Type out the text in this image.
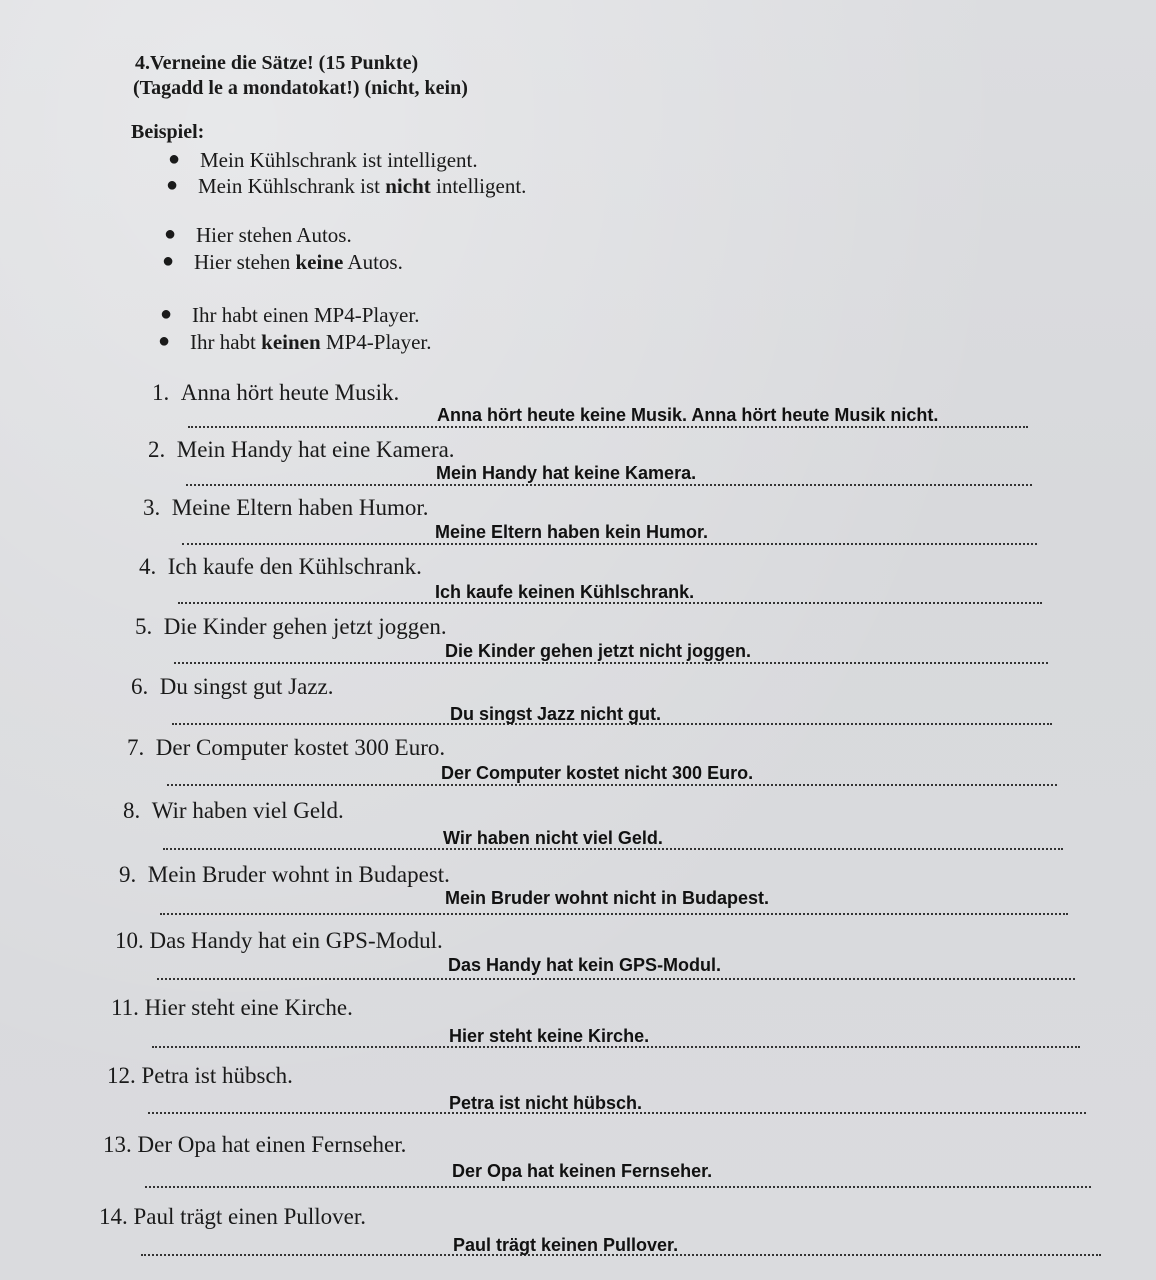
4.Verneine die Sätze! (15 Punkte)
(Tagadd le a mondatokat!) (nicht, kein)
Beispiel:
● Mein Kühlschrank ist intelligent.
● Mein Kühlschrank ist nicht intelligent.
● Hier stehen Autos.
● Hier stehen keine Autos.
● Ihr habt einen MP4-Player.
● Ihr habt keinen MP4-Player.
1. Anna hört heute Musik.
Anna hört heute keine Musik. Anna hört heute Musik nicht.
2. Mein Handy hat eine Kamera.
Mein Handy hat keine Kamera.
3. Meine Eltern haben Humor.
Meine Eltern haben kein Humor.
4. Ich kaufe den Kühlschrank.
Ich kaufe keinen Kühlschrank.
5. Die Kinder gehen jetzt joggen.
Die Kinder gehen jetzt nicht joggen.
6. Du singst gut Jazz.
Du singst Jazz nicht gut.
7. Der Computer kostet 300 Euro.
Der Computer kostet nicht 300 Euro.
8. Wir haben viel Geld.
Wir haben nicht viel Geld.
9. Mein Bruder wohnt in Budapest.
Mein Bruder wohnt nicht in Budapest.
10. Das Handy hat ein GPS-Modul.
Das Handy hat kein GPS-Modul.
11. Hier steht eine Kirche.
Hier steht keine Kirche.
12. Petra ist hübsch.
Petra ist nicht hübsch.
13. Der Opa hat einen Fernseher.
Der Opa hat keinen Fernseher.
14. Paul trägt einen Pullover.
Paul trägt keinen Pullover.
